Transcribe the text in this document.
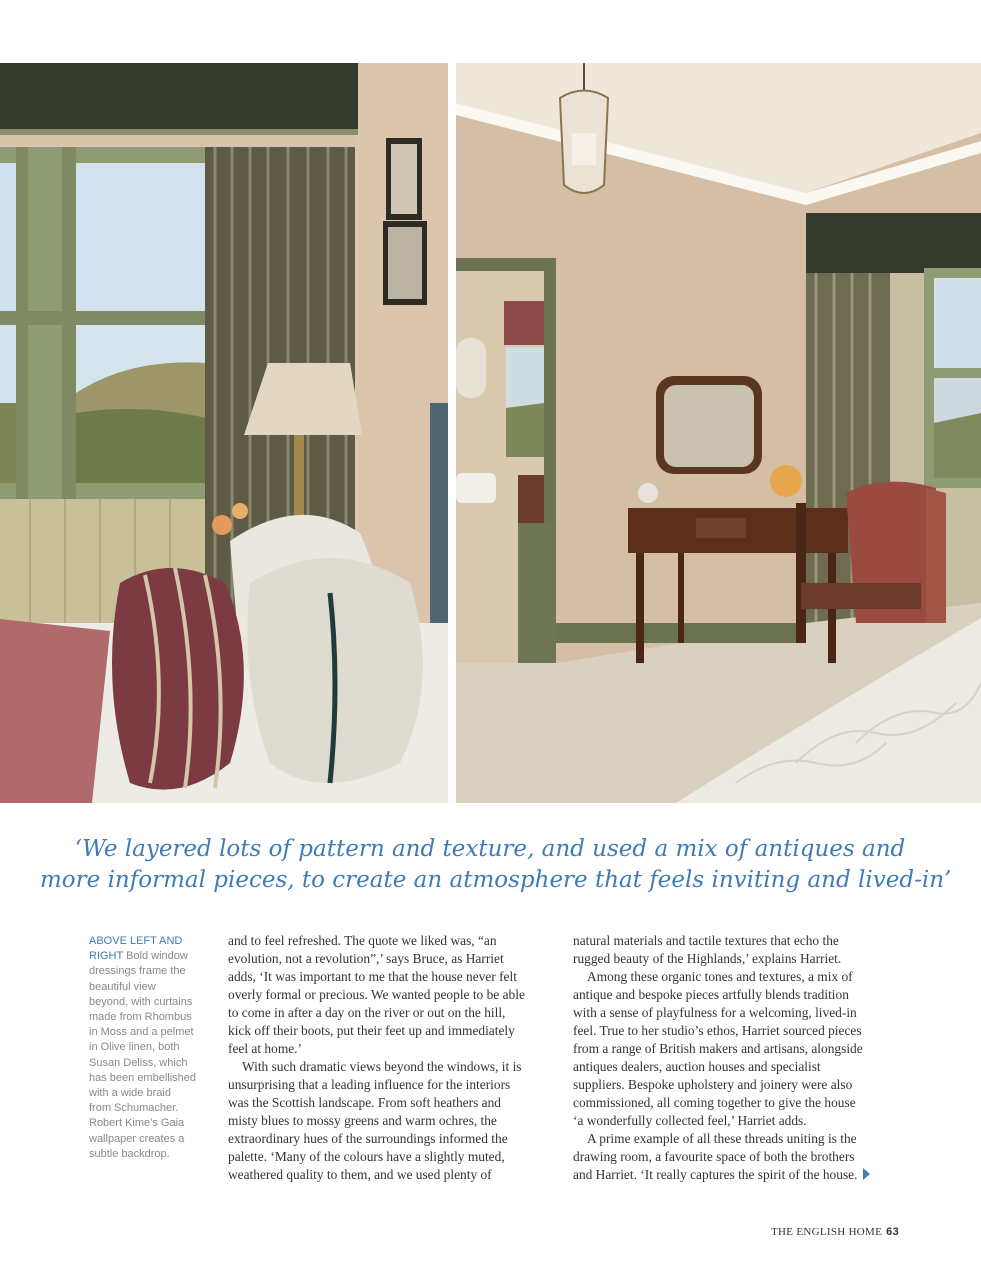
‘We layered lots of pattern and texture, and used a mix of antiques and
more informal pieces, to create an atmosphere that feels inviting and lived-in’
ABOVE LEFT AND
RIGHT Bold window
dressings frame the
beautiful view
beyond, with curtains
made from Rhombus
in Moss and a pelmet
in Olive linen, both
Susan Deliss, which
has been embellished
with a wide braid
from Schumacher.
Robert Kime’s Gaia
wallpaper creates a
subtle backdrop.
and to feel refreshed. The quote we liked was, “an
evolution, not a revolution”,’ says Bruce, as Harriet
adds, ‘It was important to me that the house never felt
overly formal or precious. We wanted people to be able
to come in after a day on the river or out on the hill,
kick off their boots, put their feet up and immediately
feel at home.’
With such dramatic views beyond the windows, it is
unsurprising that a leading influence for the interiors
was the Scottish landscape. From soft heathers and
misty blues to mossy greens and warm ochres, the
extraordinary hues of the surroundings informed the
palette. ‘Many of the colours have a slightly muted,
weathered quality to them, and we used plenty of
natural materials and tactile textures that echo the
rugged beauty of the Highlands,’ explains Harriet.
Among these organic tones and textures, a mix of
antique and bespoke pieces artfully blends tradition
with a sense of playfulness for a welcoming, lived-in
feel. True to her studio’s ethos, Harriet sourced pieces
from a range of British makers and artisans, alongside
antiques dealers, auction houses and specialist
suppliers. Bespoke upholstery and joinery were also
commissioned, all coming together to give the house
‘a wonderfully collected feel,’ Harriet adds.
A prime example of all these threads uniting is the
drawing room, a favourite space of both the brothers
and Harriet. ‘It really captures the spirit of the house.
THE ENGLISH HOME 63
